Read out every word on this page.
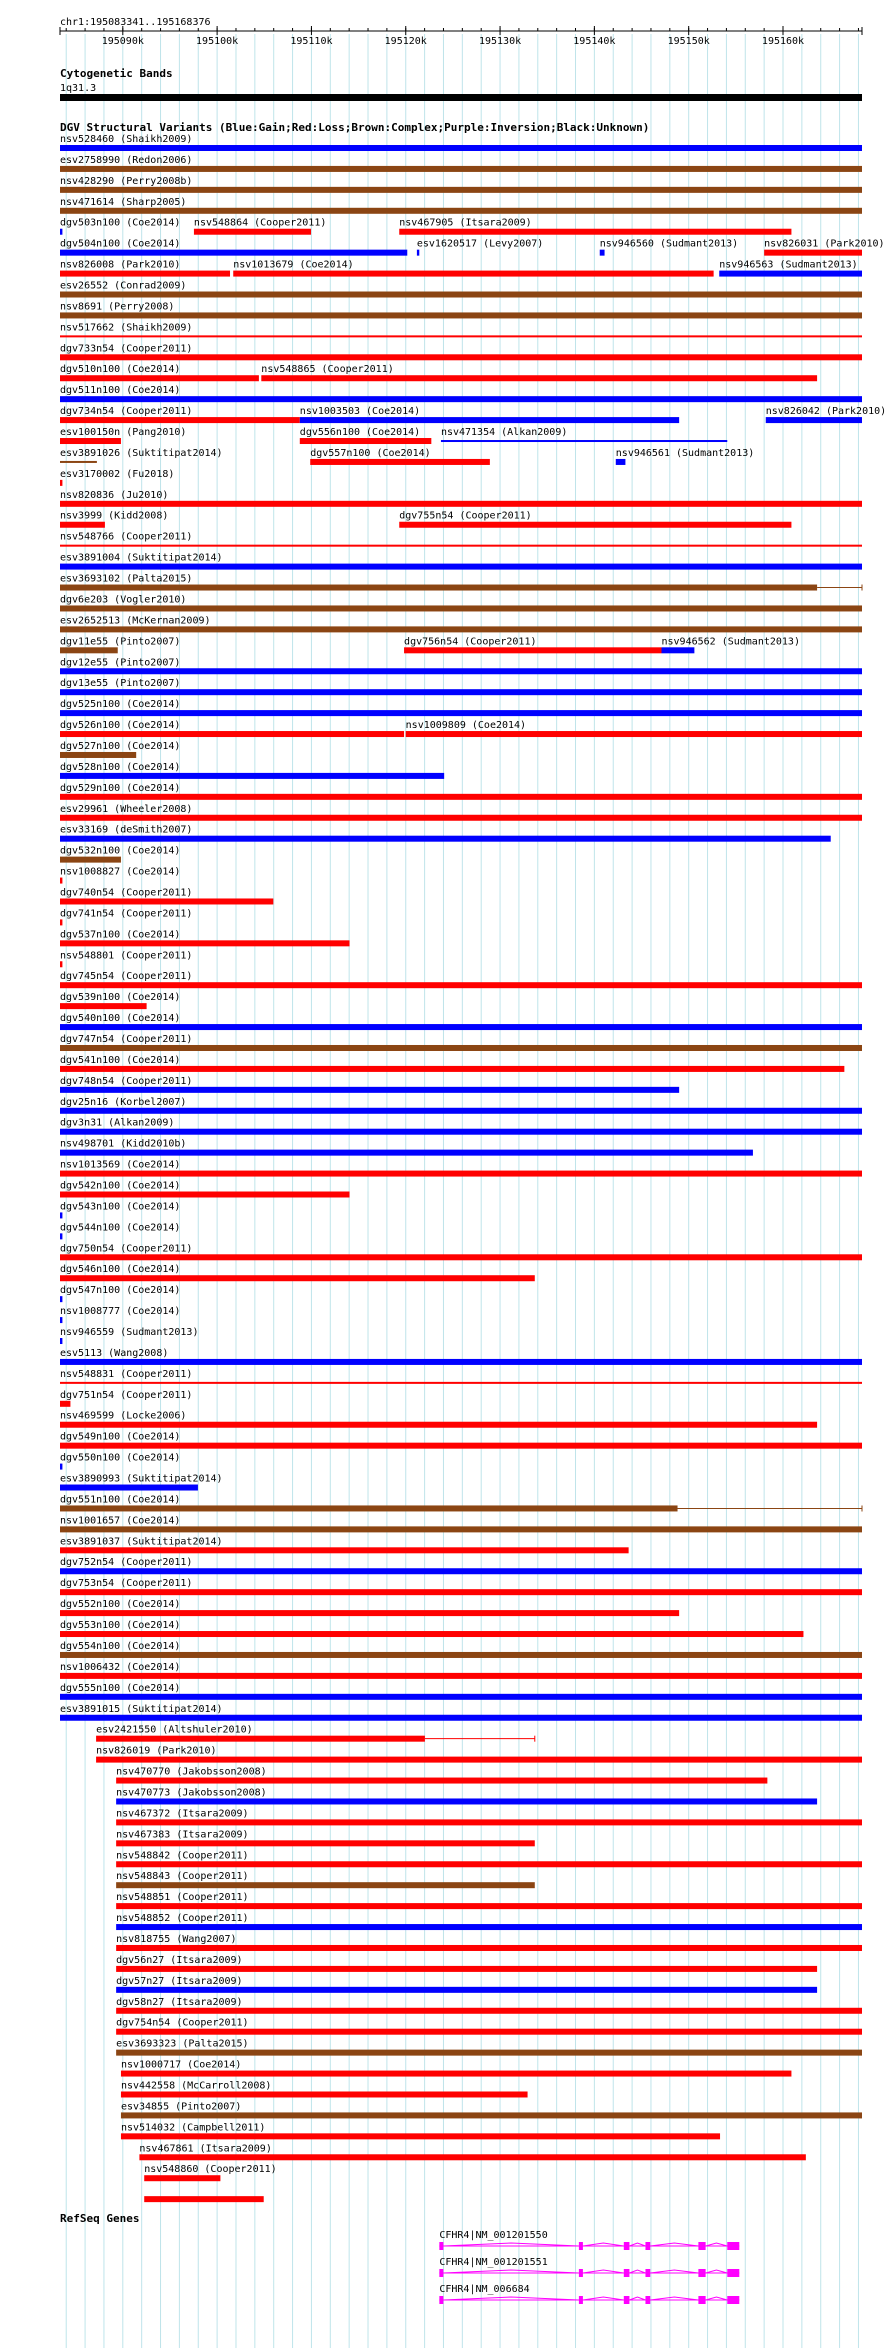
chr1:195083341..195168376
195090k	195100k	195110k	195120k	195130k	195140k	195150k	195160k
Cytogenetic Bands
1q31.3
DGV Structural Variants (Blue:Gain;Red:Loss;Brown:Complex;Purple:Inversion;Black:Unknown)
nsv528460 (Shaikh2009)
esv2758990 (Redon2006)
nsv428290 (Perry2008b)
nsv471614 (Sharp2005)
dgv503n100 (Coe2014) nsv548864 (Cooper2011)	nsv467905 (Itsara2009)
dgv504n100 (Coe2014)	esv1620517 (Levy2007)	nsv946560 (Sudmant2013)	nsv826031 (Park2010)
nsv826008 (Park2010)	nsv1013679 (Coe2014)	nsv946563 (Sudmant2013)
esv26552 (Conrad2009)
nsv8691 (Perry2008)
nsv517662 (Shaikh2009)
dgv733n54 (Cooper2011)
dgv510n100 (Coe2014)	nsv548865 (Cooper2011)
dgv511n100 (Coe2014)
dgv734n54 (Cooper2011)	nsv1003503 (Coe2014)	nsv826042 (Park2010)
esv100150n (Pang2010)	dgv556n100 (Coe2014) nsv471354 (Alkan2009)
esv3891026 (Suktitipat2014)	dgv557n100 (Coe2014)	nsv946561 (Sudmant2013)
esv3170002 (Fu2018)
nsv820836 (Ju2010)
nsv3999 (Kidd2008)	dgv755n54 (Cooper2011)
nsv548766 (Cooper2011)
esv3891004 (Suktitipat2014)
esv3693102 (Palta2015)
dgv6e203 (Vogler2010)
esv2652513 (McKernan2009)
dgv11e55 (Pinto2007)	dgv756n54 (Cooper2011)	nsv946562 (Sudmant2013)
dgv12e55 (Pinto2007)
dgv13e55 (Pinto2007)
dgv525n100 (Coe2014)
dgv526n100 (Coe2014)	nsv1009809 (Coe2014)
dgv527n100 (Coe2014)
dgv528n100 (Coe2014)
dgv529n100 (Coe2014)
esv29961 (Wheeler2008)
esv33169 (deSmith2007)
dgv532n100 (Coe2014)
nsv1008827 (Coe2014)
dgv740n54 (Cooper2011)
dgv741n54 (Cooper2011)
dgv537n100 (Coe2014)
nsv548801 (Cooper2011)
dgv745n54 (Cooper2011)
dgv539n100 (Coe2014)
dgv540n100 (Coe2014)
dgv747n54 (Cooper2011)
dgv541n100 (Coe2014)
dgv748n54 (Cooper2011)
dgv25n16 (Korbel2007)
dgv3n31 (Alkan2009)
nsv498701 (Kidd2010b)
nsv1013569 (Coe2014)
dgv542n100 (Coe2014)
dgv543n100 (Coe2014)
dgv544n100 (Coe2014)
dgv750n54 (Cooper2011)
dgv546n100 (Coe2014)
dgv547n100 (Coe2014)
nsv1008777 (Coe2014)
nsv946559 (Sudmant2013)
esv5113 (Wang2008)
nsv548831 (Cooper2011)
dgv751n54 (Cooper2011)
nsv469599 (Locke2006)
dgv549n100 (Coe2014)
dgv550n100 (Coe2014)
esv3890993 (Suktitipat2014)
dgv551n100 (Coe2014)
nsv1001657 (Coe2014)
esv3891037 (Suktitipat2014)
dgv752n54 (Cooper2011)
dgv753n54 (Cooper2011)
dgv552n100 (Coe2014)
dgv553n100 (Coe2014)
dgv554n100 (Coe2014)
nsv1006432 (Coe2014)
dgv555n100 (Coe2014)
esv3891015 (Suktitipat2014)
esv2421550 (Altshuler2010)
nsv826019 (Park2010)
nsv470770 (Jakobsson2008)
nsv470773 (Jakobsson2008)
nsv467372 (Itsara2009)
nsv467383 (Itsara2009)
nsv548842 (Cooper2011)
nsv548843 (Cooper2011)
nsv548851 (Cooper2011)
nsv548852 (Cooper2011)
nsv818755 (Wang2007)
dgv56n27 (Itsara2009)
dgv57n27 (Itsara2009)
dgv58n27 (Itsara2009)
dgv754n54 (Cooper2011)
esv3693323 (Palta2015)
nsv1000717 (Coe2014)
nsv442558 (McCarroll2008)
esv34855 (Pinto2007)
nsv514032 (Campbell2011)
nsv467861 (Itsara2009)
nsv548860 (Cooper2011)
RefSeq Genes
CFHR4|NM_001201550
CFHR4|NM_001201551
CFHR4|NM_006684
